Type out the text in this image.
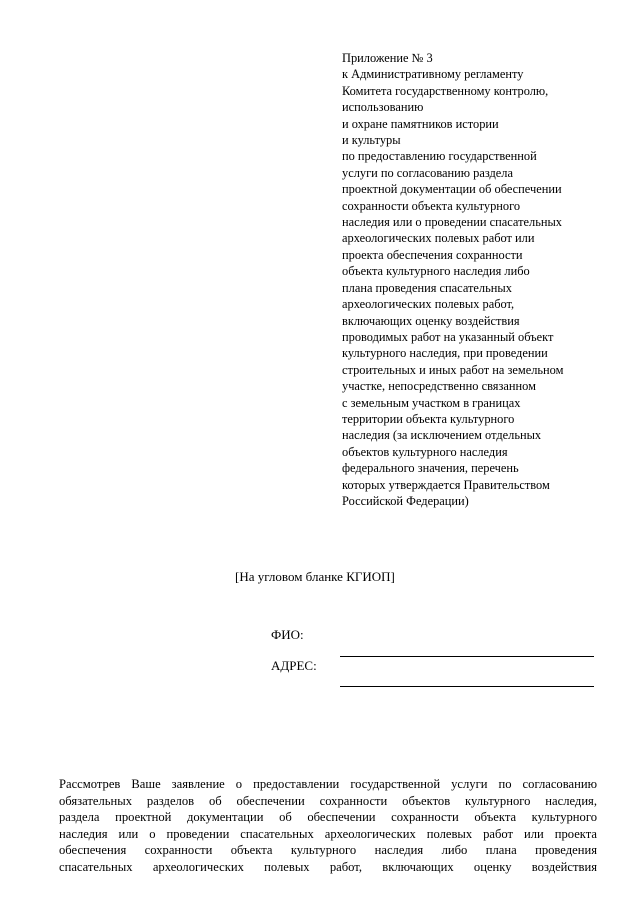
Приложение № 3
к Административному регламенту
Комитета государственному контролю,
использованию
и охране памятников истории
и культуры
по предоставлению государственной
услуги по согласованию раздела
проектной документации об обеспечении
сохранности объекта культурного
наследия или о проведении спасательных
археологических полевых работ или
проекта обеспечения сохранности
объекта культурного наследия либо
плана проведения спасательных
археологических полевых работ,
включающих оценку воздействия
проводимых работ на указанный объект
культурного наследия, при проведении
строительных и иных работ на земельном
участке, непосредственно связанном
с земельным участком в границах
территории объекта культурного
наследия (за исключением отдельных
объектов культурного наследия
федерального значения, перечень
которых утверждается Правительством
Российской Федерации)
[На угловом бланке КГИОП]
ФИО:
АДРЕС:
Рассмотрев Ваше заявление о предоставлении государственной услуги по согласованию
обязательных разделов об обеспечении сохранности объектов культурного наследия,
раздела проектной документации об обеспечении сохранности объекта культурного
наследия или о проведении спасательных археологических полевых работ или проекта
обеспечения сохранности объекта культурного наследия либо плана проведения
спасательных археологических полевых работ, включающих оценку воздействия
